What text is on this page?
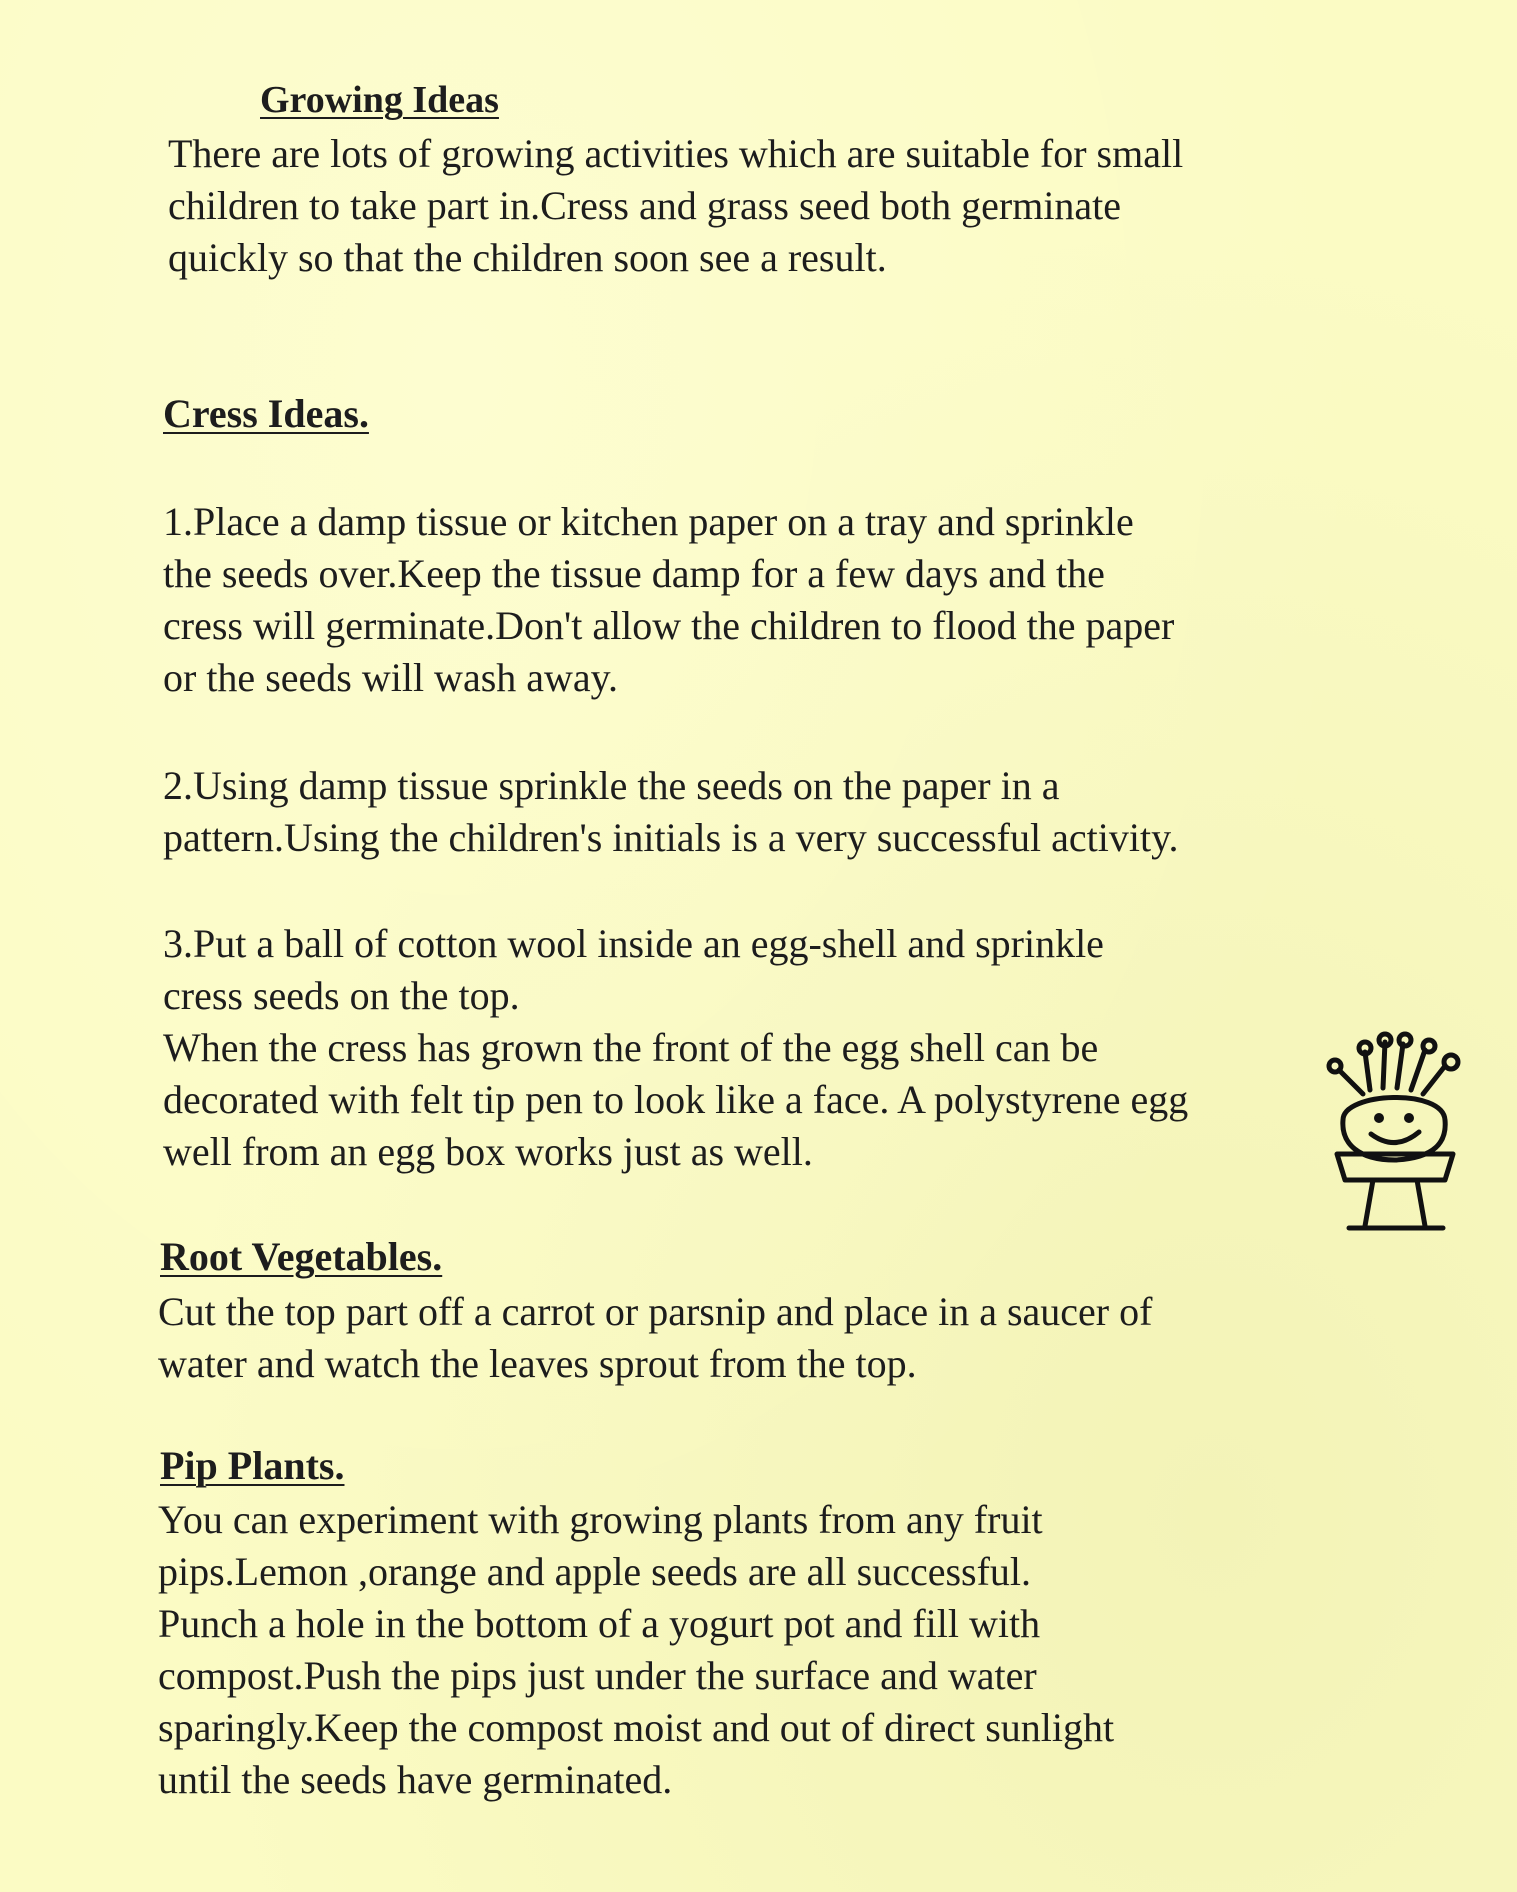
Growing Ideas

There are lots of growing activities which are suitable for small
children to take part in.Cress and grass seed both germinate
quickly so that the children soon see a result.

Cress Ideas.

1.Place a damp tissue or kitchen paper on a tray and sprinkle
the seeds over.Keep the tissue damp for a few days and the
cress will germinate.Don't allow the children to flood the paper
or the seeds will wash away.

2.Using damp tissue sprinkle the seeds on the paper in a
pattern.Using the children's initials is a very successful activity.

3.Put a ball of cotton wool inside an egg-shell and sprinkle
cress seeds on the top.
When the cress has grown the front of the egg shell can be
decorated with felt tip pen to look like a face. A polystyrene egg
well from an egg box works just as well.

Root Vegetables.

Cut the top part off a carrot or parsnip and place in a saucer of
water and watch the leaves sprout from the top.

Pip Plants.

You can experiment with growing plants from any fruit
pips.Lemon ,orange and apple seeds are all successful.
Punch a hole in the bottom of a yogurt pot and fill with
compost.Push the pips just under the surface and water
sparingly.Keep the compost moist and out of direct sunlight
until the seeds have germinated.
